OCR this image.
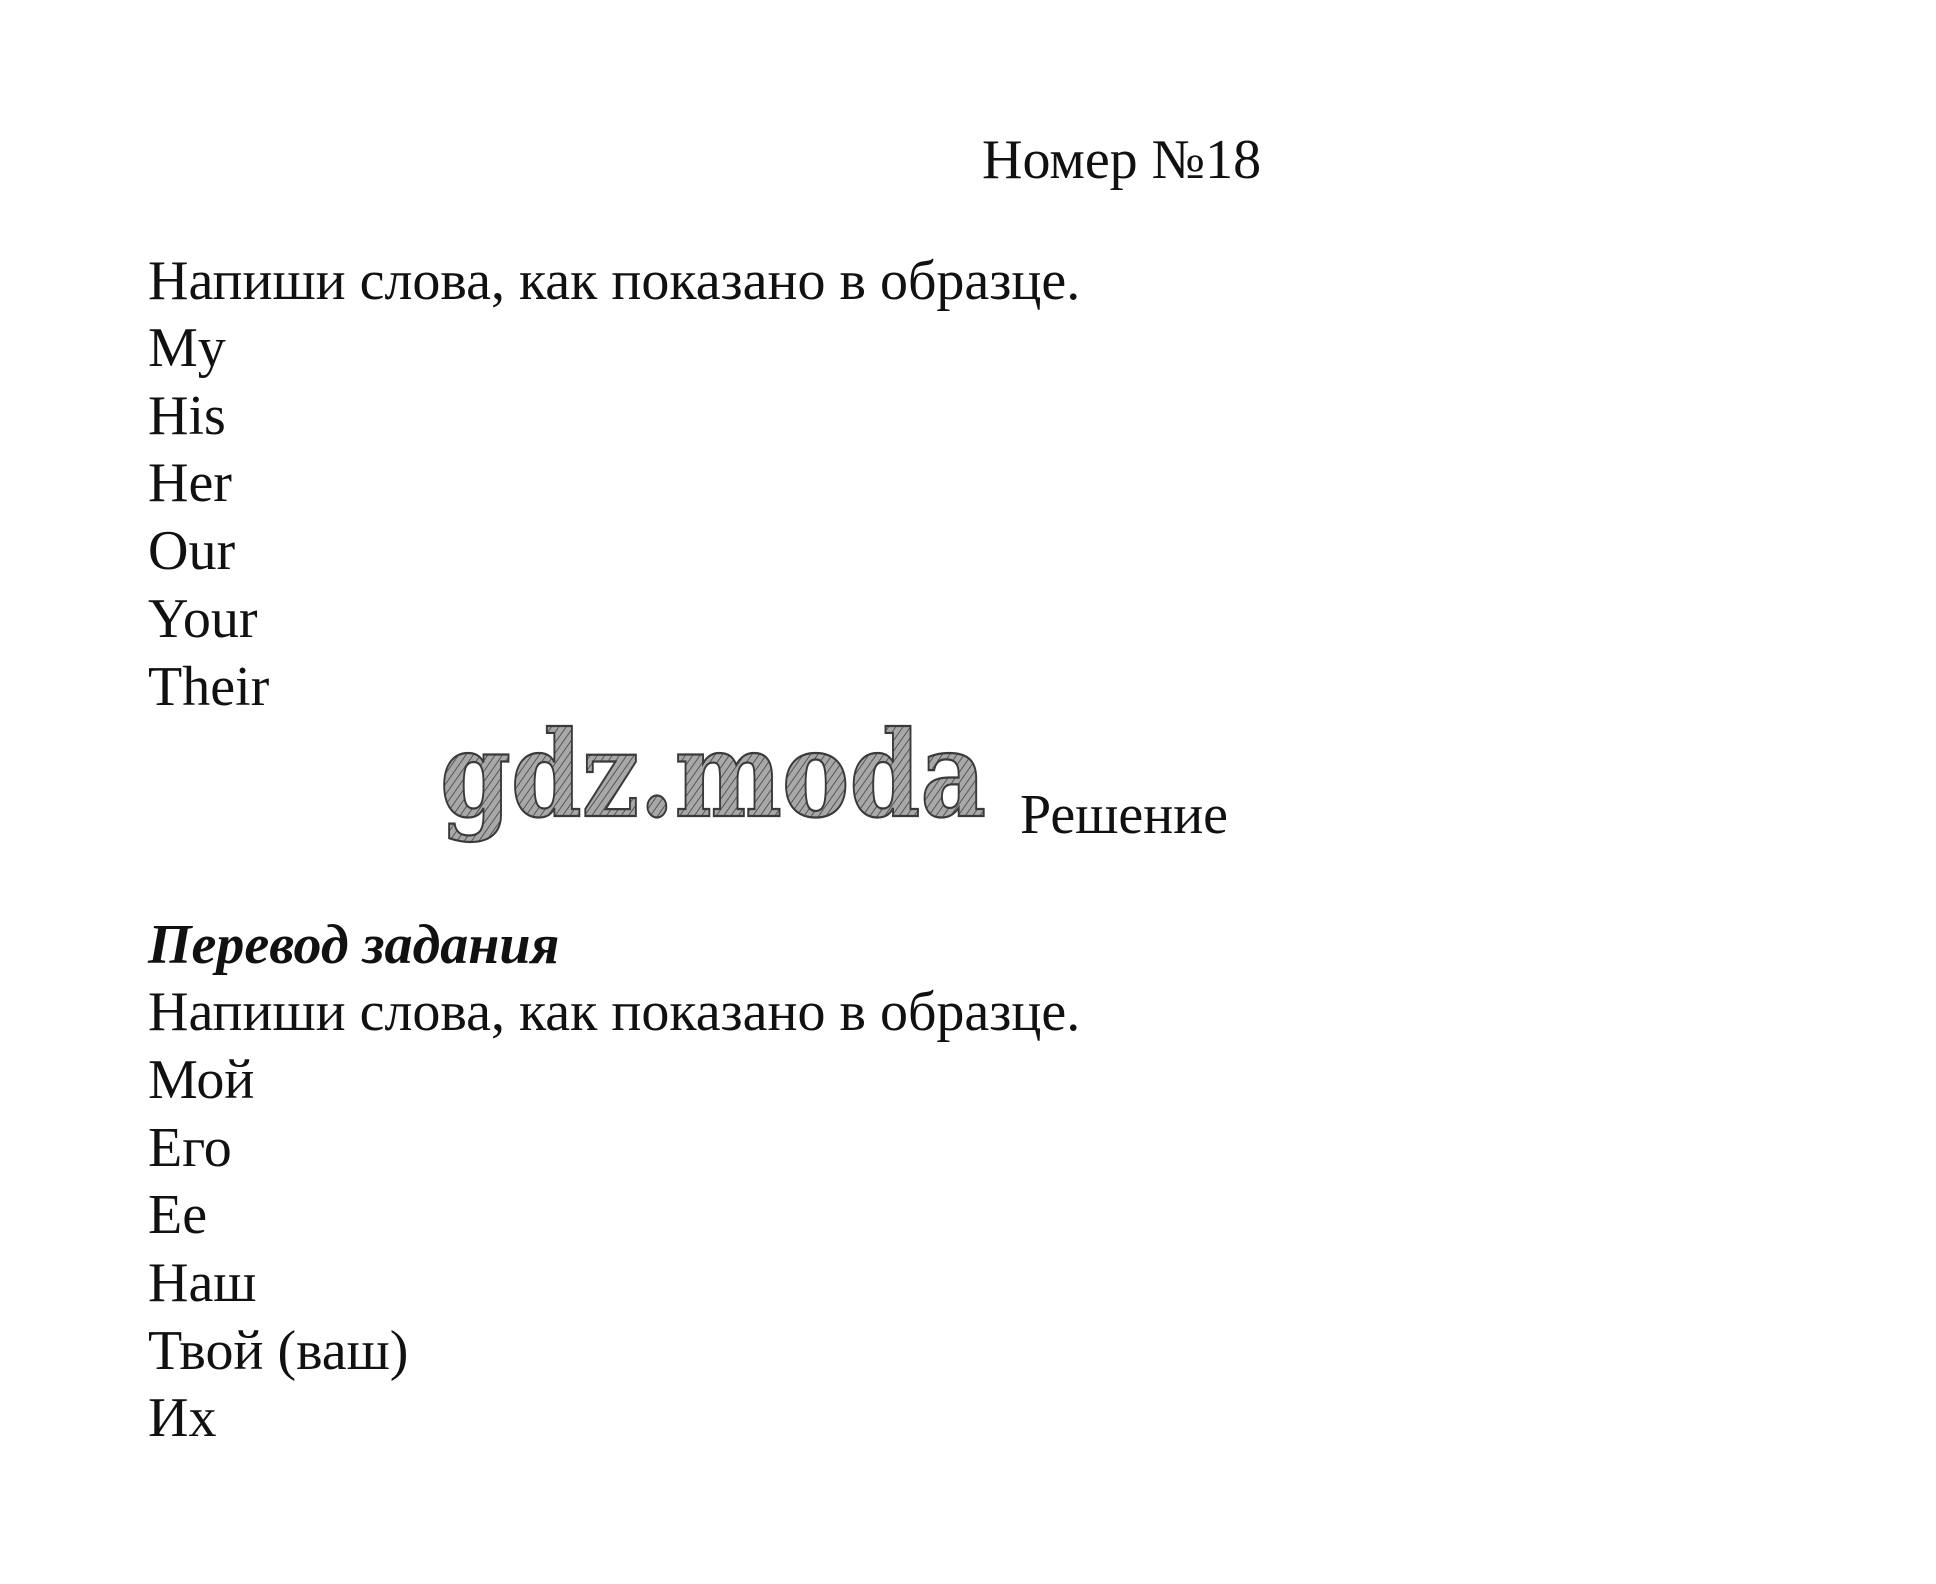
Номер №18
Напиши слова, как показано в образце.
My
His
Her
Our
Your
Their
gdz.moda Решение
Перевод задания
Напиши слова, как показано в образце.
Мой
Его
Ее
Наш
Твой (ваш)
Их
